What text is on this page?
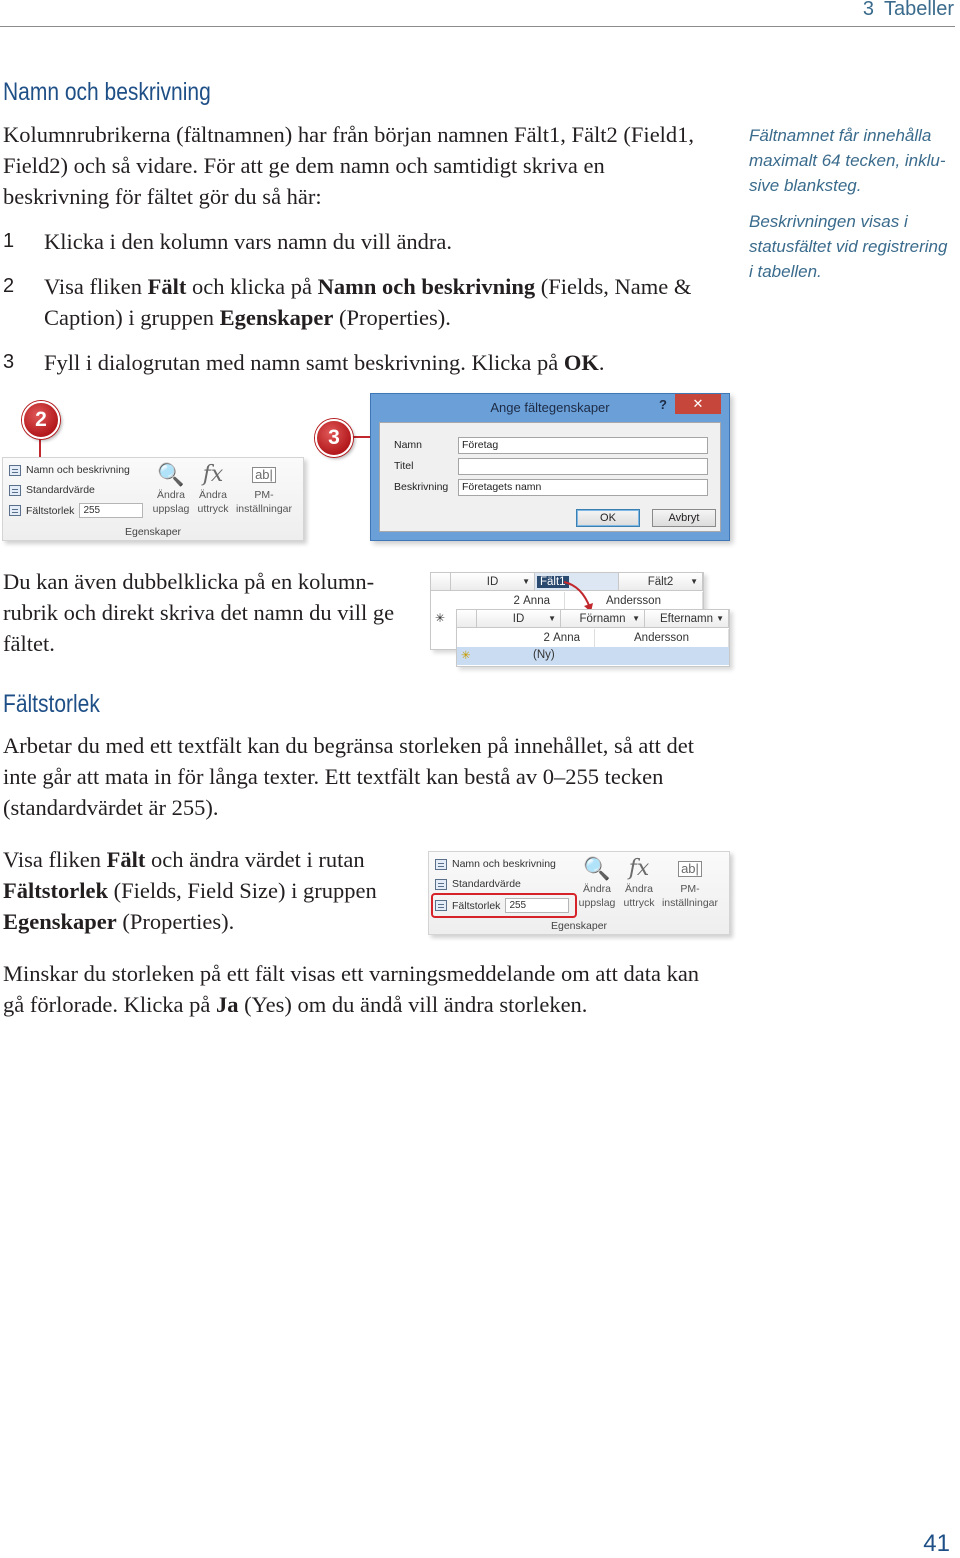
3 Tabeller
Namn och beskrivning
Kolumnrubrikerna (fältnamnen) har från början namnen Fält1, Fält2 (Field1, Field2) och så vidare. För att ge dem namn och samtidigt skriva en beskrivning för fältet gör du så här:
1 Klicka i den kolumn vars namn du vill ändra.
2 Visa fliken Fält och klicka på Namn och beskrivning (Fields, Name & Caption) i gruppen Egenskaper (Properties).
3 Fyll i dialogrutan med namn samt beskrivning. Klicka på OK.
Fältnamnet får innehålla maximalt 64 tecken, inklu-sive blanksteg.
Beskrivningen visas i statusfältet vid registrering i tabellen.
2
Namn och beskrivning
Standardvärde
Fältstorlek 255
🔍
Ändra
uppslag
fx
Ändra
uttryck
ab|
PM-
inställningar
Egenskaper
3
Ange fältegenskaper	?	✕
Namn	Företag
Titel
Beskrivning	Företagets namn
OK	Avbryt
Du kan även dubbelklicka på en kolumn-rubrik och direkt skriva det namn du vill ge fältet.
ID	▼ Fält1	Fält2 ▼
2 Anna	Andersson
✳	ID	▼	Förnamn ▼	Efternamn ▼
2 Anna	Andersson
✳	(Ny)
Fältstorlek
Arbetar du med ett textfält kan du begränsa storleken på innehållet, så att det inte går att mata in för långa texter. Ett textfält kan bestå av 0–255 tecken (standardvärdet är 255).
Visa fliken Fält och ändra värdet i rutan Fältstorlek (Fields, Field Size) i gruppen Egenskaper (Properties).
Namn och beskrivning
Standardvärde
Fältstorlek 255
🔍
Ändra
uppslag
fx
Ändra
uttryck
ab|
PM-
inställningar
Egenskaper
Minskar du storleken på ett fält visas ett varningsmeddelande om att data kan gå förlorade. Klicka på Ja (Yes) om du ändå vill ändra storleken.
41
